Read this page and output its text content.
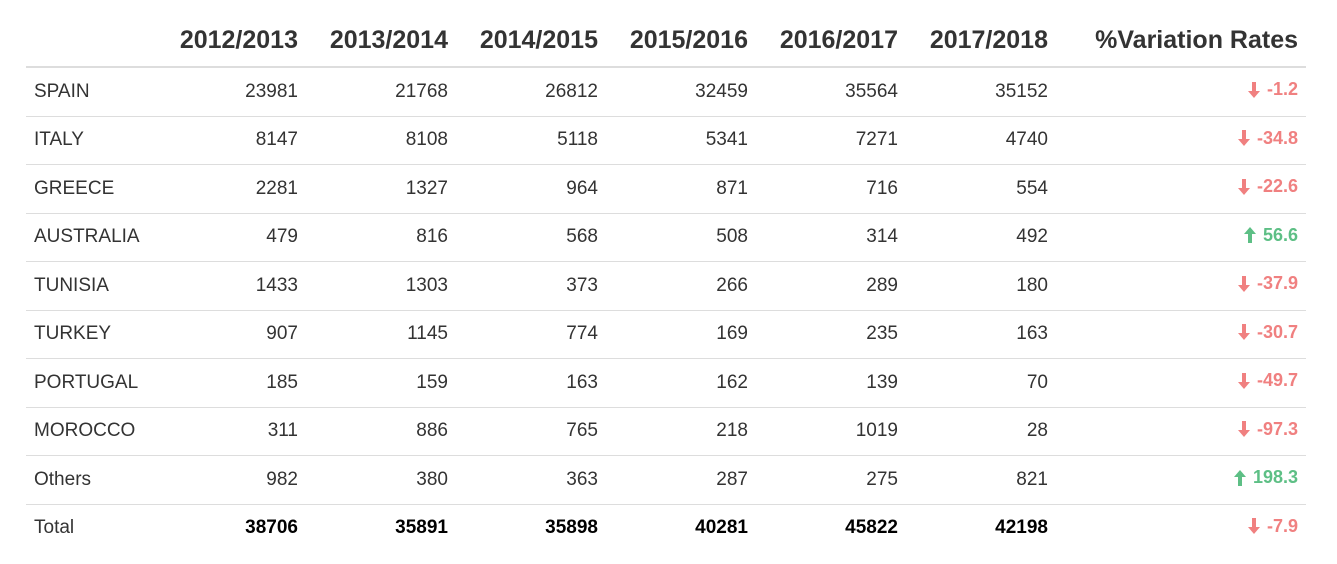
	2012/2013	2013/2014	2014/2015	2015/2016	2016/2017	2017/2018	%Variation Rates
SPAIN	23981	21768	26812	32459	35564	35152	-1.2

ITALY	8147	8108	5118	5341	7271	4740	-34.8

GREECE	2281	1327	964	871	716	554	-22.6

AUSTRALIA	479	816	568	508	314	492	56.6

TUNISIA	1433	1303	373	266	289	180	-37.9

TURKEY	907	1145	774	169	235	163	-30.7

PORTUGAL	185	159	163	162	139	70	-49.7

MOROCCO	311	886	765	218	1019	28	-97.3

Others	982	380	363	287	275	821	198.3

Total	38706	35891	35898	40281	45822	42198	-7.9
